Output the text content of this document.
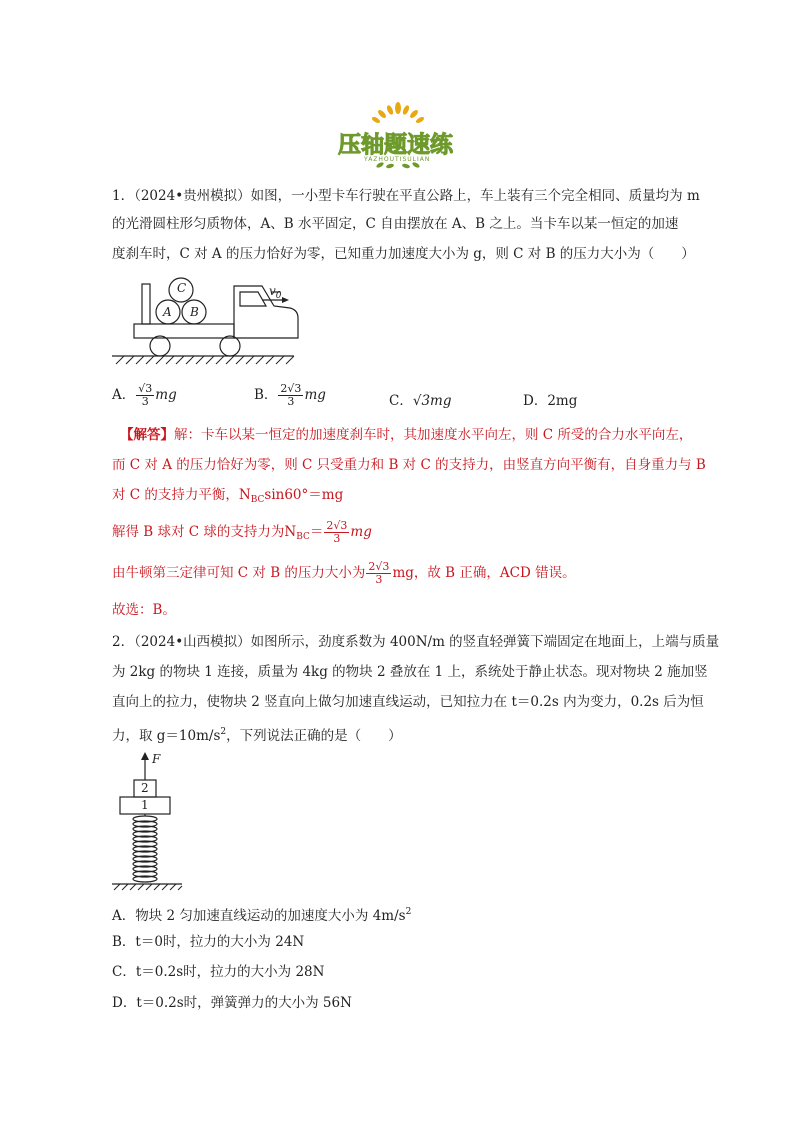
压轴题速练
YAZHOUTISULIAN
1．（2024•贵州模拟）如图，一小型卡车行驶在平直公路上，车上装有三个完全相同、质量均为 m
的光滑圆柱形匀质物体，A、B 水平固定，C 自由摆放在 A、B 之上。当卡车以某一恒定的加速
度刹车时，C 对 A 的压力恰好为零，已知重力加速度大小为 g，则 C 对 B 的压力大小为（　　）
C
A B
$v_0$
A． $\frac{√3}{3}$ mg	B． $\frac{2√3}{3}$ mg	C．√3mg	D．2mg
【解答】解：卡车以某一恒定的加速度刹车时，其加速度水平向左，则 C 所受的合力水平向左，
而 C 对 A 的压力恰好为零，则 C 只受重力和 B 对 C 的支持力，由竖直方向平衡有，自身重力与 B
对 C 的支持力平衡，$N_{BC}\sin 60^\circ=mg$
解得 B 球对 C 球的支持力为$N_{BC}= \frac{2√3}{3}$ mg
由牛顿第三定律可知 C 对 B 的压力大小为 $\frac{2√3}{3}$ mg，故 B 正确，ACD 错误。
故选：B。
2．（2024•山西模拟）如图所示，劲度系数为 400N/m 的竖直轻弹簧下端固定在地面上，上端与质量
为 2kg 的物块 1 连接，质量为 4kg 的物块 2 叠放在 1 上，系统处于静止状态。现对物块 2 施加竖
直向上的拉力，使物块 2 竖直向上做匀加速直线运动，已知拉力在 t＝0.2s 内为变力，0.2s 后为恒
力，取 $g=10m/s^2$，下列说法正确的是（　　）
F
2
1
A．物块 2 匀加速直线运动的加速度大小为 $4m/s^2$
B．t＝0时，拉力的大小为 24N
C．t＝0.2s时，拉力的大小为 28N
D．t＝0.2s时，弹簧弹力的大小为 56N
